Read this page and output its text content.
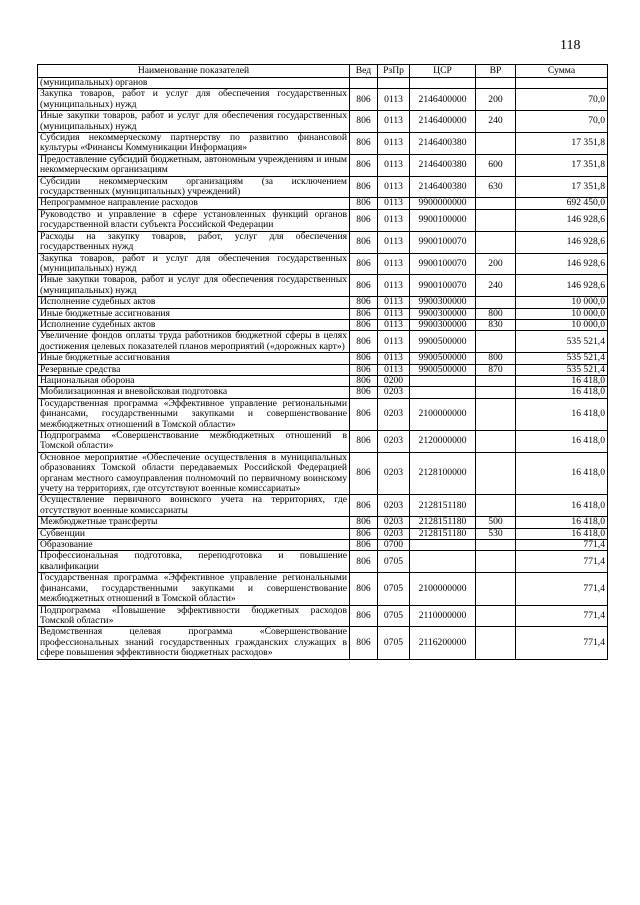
118
Наименование показателей	Вед	РзПр	ЦСР	ВР	Сумма
(муниципальных) органов					
Закупка товаров, работ и услуг для обеспечения государственных (муниципальных) нужд	806	0113	2146400000	200	70,0
Иные закупки товаров, работ и услуг для обеспечения государственных (муниципальных) нужд	806	0113	2146400000	240	70,0
Субсидия некоммерческому партнерству по развитию финансовой культуры «Финансы Коммуникации Информация»	806	0113	2146400380		17 351,8
Предоставление субсидий бюджетным, автономным учреждениям и иным некоммерческим организациям	806	0113	2146400380	600	17 351,8
Субсидии некоммерческим организациям (за исключением государственных (муниципальных) учреждений)	806	0113	2146400380	630	17 351,8
Непрограммное направление расходов	806	0113	9900000000		692 450,0
Руководство и управление в сфере установленных функций органов государственной власти субъекта Российской Федерации	806	0113	9900100000		146 928,6
Расходы на закупку товаров, работ, услуг для обеспечения государственных нужд	806	0113	9900100070		146 928,6
Закупка товаров, работ и услуг для обеспечения государственных (муниципальных) нужд	806	0113	9900100070	200	146 928,6
Иные закупки товаров, работ и услуг для обеспечения государственных (муниципальных) нужд	806	0113	9900100070	240	146 928,6
Исполнение судебных актов	806	0113	9900300000		10 000,0
Иные бюджетные ассигнования	806	0113	9900300000	800	10 000,0
Исполнение судебных актов	806	0113	9900300000	830	10 000,0
Увеличение фондов оплаты труда работников бюджетной сферы в целях достижения целевых показателей планов мероприятий («дорожных карт»)	806	0113	9900500000		535 521,4
Иные бюджетные ассигнования	806	0113	9900500000	800	535 521,4
Резервные средства	806	0113	9900500000	870	535 521,4
Национальная оборона	806	0200			16 418,0
Мобилизационная и вневойсковая подготовка	806	0203			16 418,0
Государственная программа «Эффективное управление региональными финансами, государственными закупками и совершенствование межбюджетных отношений в Томской области»	806	0203	2100000000		16 418,0
Подпрограмма «Совершенствование межбюджетных отношений в Томской области»	806	0203	2120000000		16 418,0
Основное мероприятие «Обеспечение осуществления в муниципальных образованиях Томской области передаваемых Российской Федерацией органам местного самоуправления полномочий по первичному воинскому учету на территориях, где отсутствуют военные комиссариаты»	806	0203	2128100000		16 418,0
Осуществление первичного воинского учета на территориях, где отсутствуют военные комиссариаты	806	0203	2128151180		16 418,0
Межбюджетные трансферты	806	0203	2128151180	500	16 418,0
Субвенции	806	0203	2128151180	530	16 418,0
Образование	806	0700			771,4
Профессиональная подготовка, переподготовка и повышение квалификации	806	0705			771,4
Государственная программа «Эффективное управление региональными финансами, государственными закупками и совершенствование межбюджетных отношений в Томской области»	806	0705	2100000000		771,4
Подпрограмма «Повышение эффективности бюджетных расходов Томской области»	806	0705	2110000000		771,4
Ведомственная целевая программа «Совершенствование профессиональных знаний государственных гражданских служащих в сфере повышения эффективности бюджетных расходов»	806	0705	2116200000		771,4
